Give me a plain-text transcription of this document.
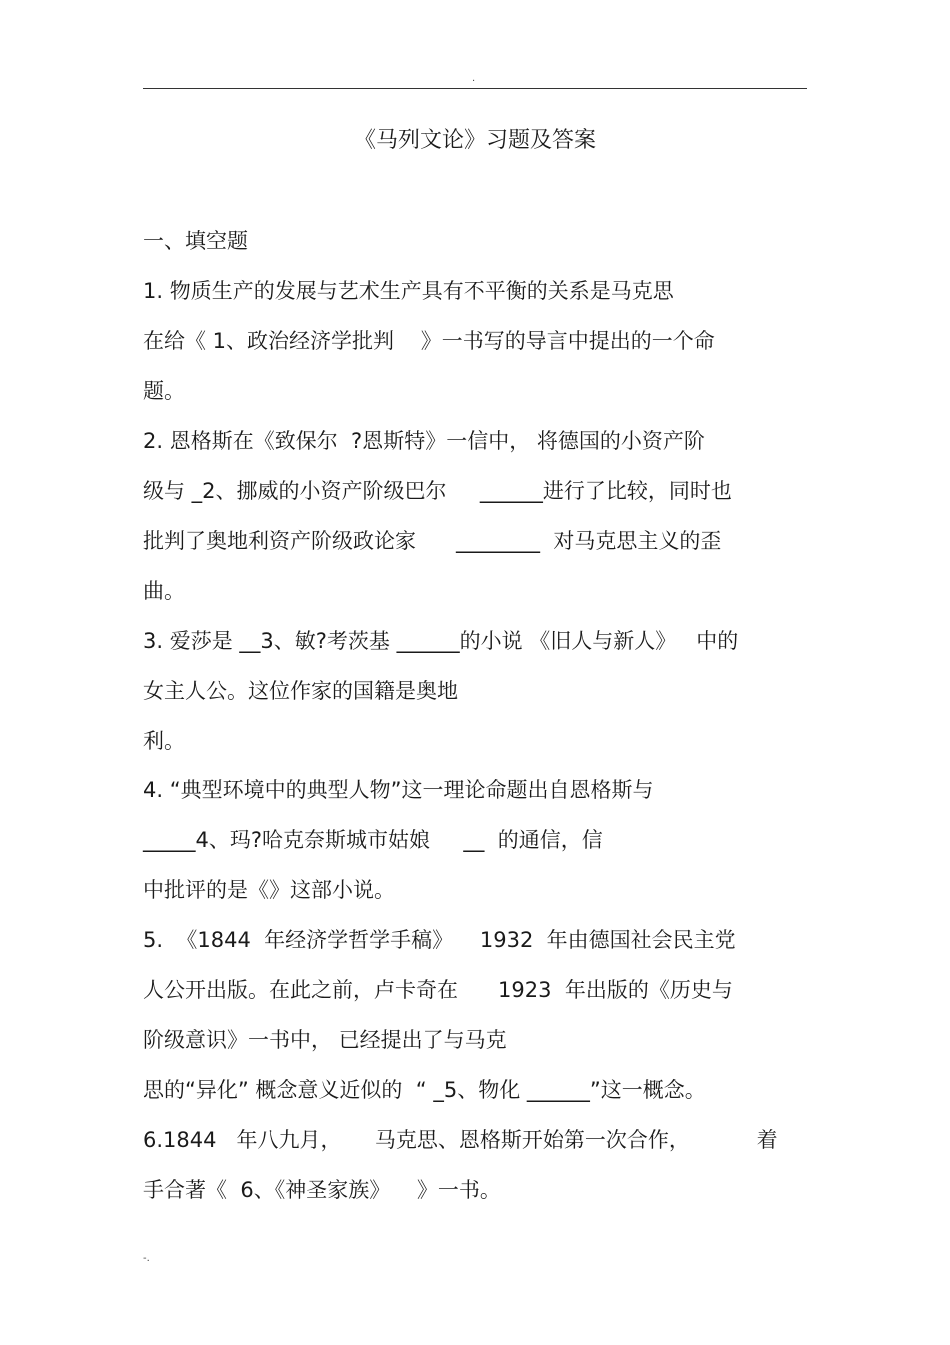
.
《马列文论》习题及答案
一、填空题
1. 物质生产的发展与艺术生产具有不平衡的关系是马克思
在给《 1、政治经济学批判    》一书写的导言中提出的一个命
题。
2. 恩格斯在《致保尔  ?恩斯特》一信中， 将德国的小资产阶
级与 _2、挪威的小资产阶级巴尔     ______进行了比较，同时也
批判了奥地利资产阶级政论家      ________  对马克思主义的歪
曲。
3. 爱莎是 __3、敏?考茨基 ______的小说 《旧人与新人》   中的
女主人公。这位作家的国籍是奥地
利。
4. “典型环境中的典型人物”这一理论命题出自恩格斯与
_____4、玛?哈克奈斯城市姑娘     __  的通信，信
中批评的是《》这部小说。
5.  《1844  年经济学哲学手稿》    1932  年由德国社会民主党
人公开出版。在此之前，卢卡奇在      1923  年出版的《历史与
阶级意识》一书中， 已经提出了与马克
思的“异化” 概念意义近似的  “ _5、物化 ______”这一概念。
6.1844   年八九月，     马克思、恩格斯开始第一次合作，          着
手合著《  6、《神圣家族》    》一书。
-.
